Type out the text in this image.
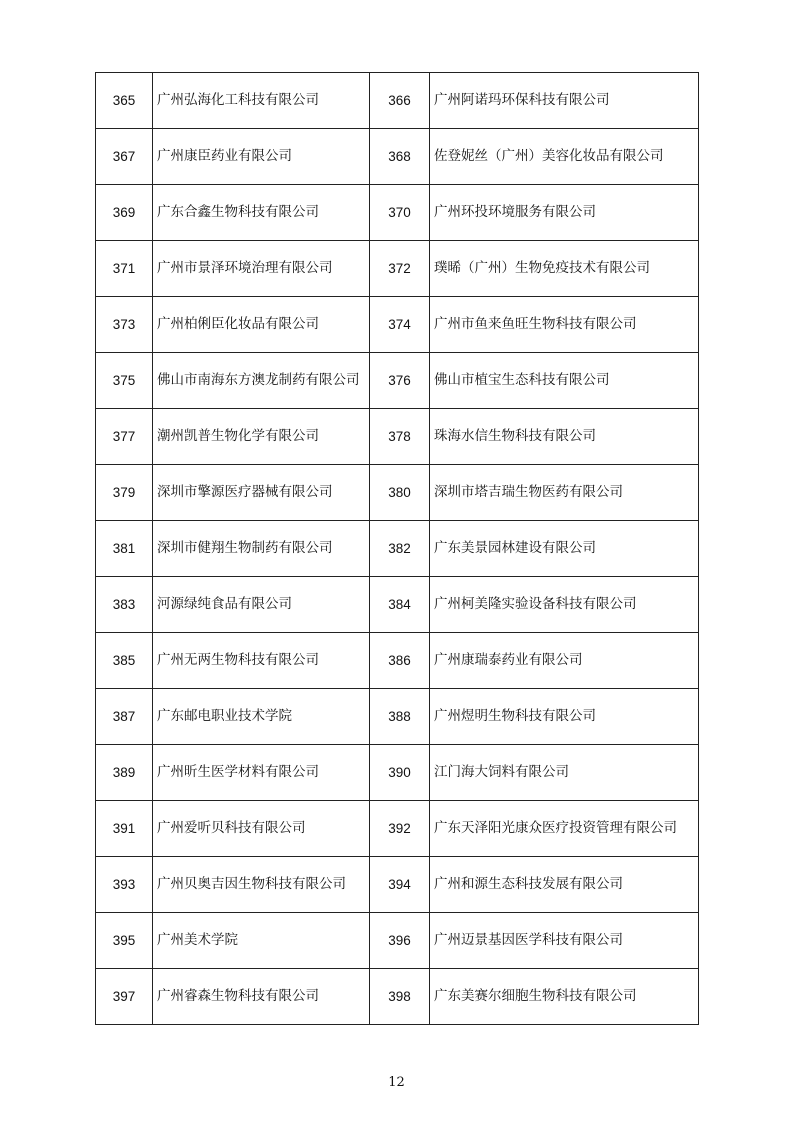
365	广州弘海化工科技有限公司	366	广州阿诺玛环保科技有限公司
367	广州康臣药业有限公司	368	佐登妮丝（广州）美容化妆品有限公司
369	广东合鑫生物科技有限公司	370	广州环投环境服务有限公司
371	广州市景泽环境治理有限公司	372	璞晞（广州）生物免疫技术有限公司
373	广州柏俐臣化妆品有限公司	374	广州市鱼来鱼旺生物科技有限公司
375	佛山市南海东方澳龙制药有限公司	376	佛山市植宝生态科技有限公司
377	潮州凯普生物化学有限公司	378	珠海水信生物科技有限公司
379	深圳市擎源医疗器械有限公司	380	深圳市塔吉瑞生物医药有限公司
381	深圳市健翔生物制药有限公司	382	广东美景园林建设有限公司
383	河源绿纯食品有限公司	384	广州柯美隆实验设备科技有限公司
385	广州无两生物科技有限公司	386	广州康瑞泰药业有限公司
387	广东邮电职业技术学院	388	广州煜明生物科技有限公司
389	广州昕生医学材料有限公司	390	江门海大饲料有限公司
391	广州爱听贝科技有限公司	392	广东天泽阳光康众医疗投资管理有限公司
393	广州贝奥吉因生物科技有限公司	394	广州和源生态科技发展有限公司
395	广州美术学院	396	广州迈景基因医学科技有限公司
397	广州睿森生物科技有限公司	398	广东美赛尔细胞生物科技有限公司
12
